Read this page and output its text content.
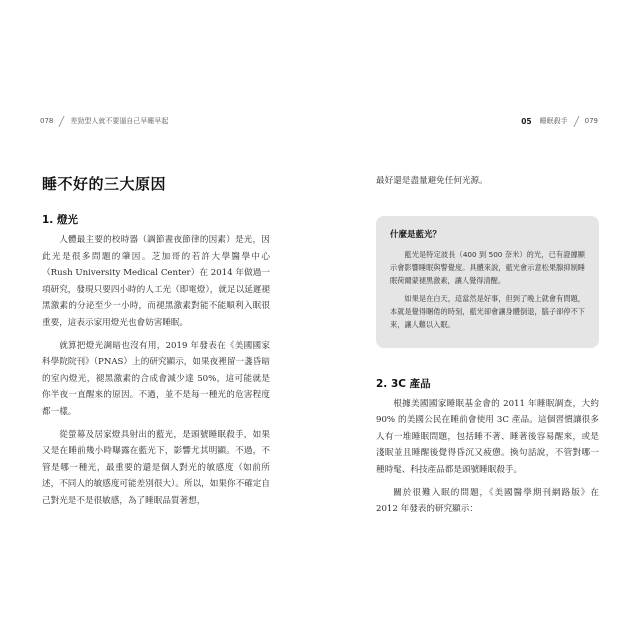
078 差勁型人就不要逼自己早睡早起	05 睡眠殺手 079
睡不好的三大原因
1. 燈光

人體最主要的校時器（調節晝夜節律的因素）是光，因此光是很多問題的肇因。芝加哥的若許大學醫學中心（Rush University Medical Center）在 2014 年做過一項研究，發現只要四小時的人工光（即電燈），就足以延遲褪黑激素的分泌至少一小時，而褪黑激素對能不能順利入眠很重要，這表示家用燈光也會妨害睡眠。

就算把燈光調暗也沒有用，2019 年發表在《美國國家科學院院刊》（PNAS）上的研究顯示，如果夜裡留一盞昏暗的室內燈光，褪黑激素的合成會減少達 50%，這可能就是你半夜一直醒來的原因。不過，並不是每一種光的危害程度都一樣。

從螢幕及居家燈具射出的藍光，是頭號睡眠殺手，如果又是在睡前幾小時曝露在藍光下，影響尤其明顯。不過，不管是哪一種光，最重要的還是個人對光的敏感度（如前所述，不同人的敏感度可能差別很大）。所以，如果你不確定自己對光是不是很敏感，為了睡眠品質著想，

最好還是盡量避免任何光源。

什麼是藍光？

藍光是特定波長（400 到 500 奈米）的光，已有證據顯示會影響睡眠與警覺度。具體來說，藍光會示意松果腺抑制睡眠荷爾蒙褪黑激素，讓人覺得清醒。

如果是在白天，這當然是好事，但到了晚上就會有問題，本就是覺得睏倦的時刻，藍光卻會讓身體倒退，腦子卻停不下來，讓人難以入眠。

2. 3C 產品

根據美國國家睡眠基金會的 2011 年睡眠調查，大約 90% 的美國公民在睡前會使用 3C 產品。這個習慣讓很多人有一堆睡眠問題，包括睡不著、睡著後容易醒來，或是淺眠並且睡醒後覺得昏沉又疲憊。換句話說，不管對哪一種時髦、科技產品都是頭號睡眠殺手。

關於很難入眠的問題，《美國醫學期刊網路版》在 2012 年發表的研究顯示：
